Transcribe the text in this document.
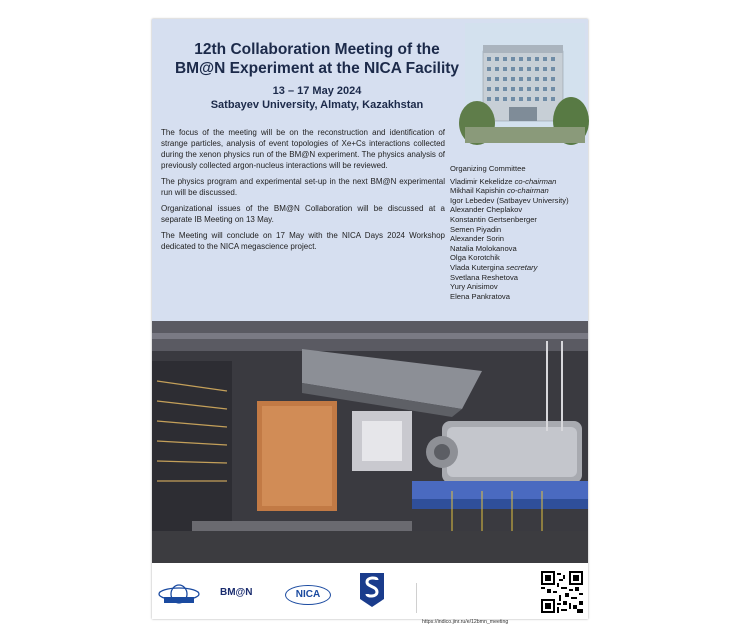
12th Collaboration Meeting of the
BM@N Experiment at the NICA Facility
13 – 17 May 2024
Satbayev University, Almaty, Kazakhstan

The focus of the meeting will be on the reconstruction and identification of strange particles, analysis of event topologies of Xe+Cs interactions collected during the xenon physics run of the BM@N experiment. The physics analysis of previously collected argon-nucleus interactions will be reviewed.

The physics program and experimental set-up in the next BM@N experimental run will be discussed.

Organizational issues of the BM@N Collaboration will be discussed at a separate IB Meeting on 13 May.

The Meeting will conclude on 17 May with the NICA Days 2024 Workshop dedicated to the NICA megascience project.

Organizing Committee
Vladimir Kekelidze co-chairman
Mikhail Kapishin co-chairman
Igor Lebedev (Satbayev University)
Alexander Cheplakov
Konstantin Gertsenberger
Semen Piyadin
Alexander Sorin
Natalia Molokanova
Olga Korotchik
Vlada Kutergina secretary
Svetlana Reshetova
Yury Anisimov
Elena Pankratova
BM@N	NICA
https://indico.jinr.ru/e/12bmn_meeting
